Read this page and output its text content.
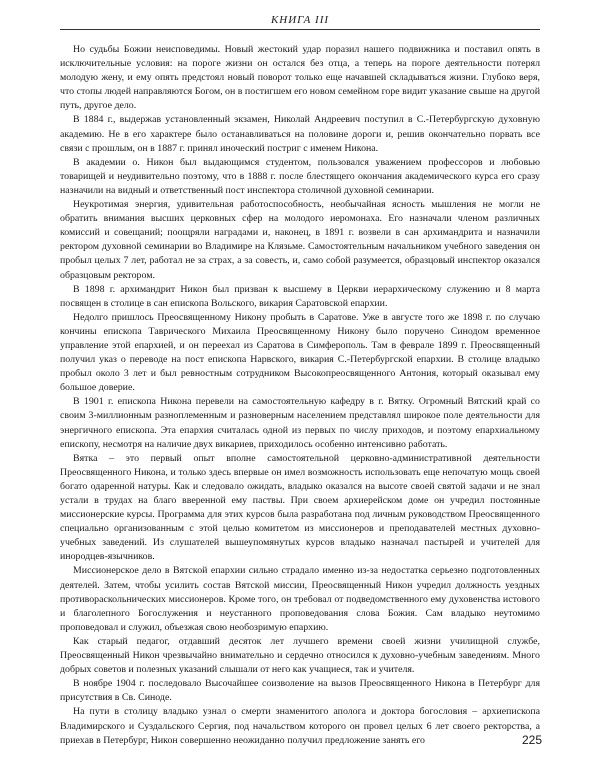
КНИГА III

Но судьбы Божии неисповедимы. Новый жестокий удар поразил нашего подвижника и поставил опять в исключительные условия: на пороге жизни он остался без отца, а теперь на пороге деятельности потерял молодую жену, и ему опять предстоял новый поворот только еще начавшей складываться жизни. Глубоко веря, что стопы людей направляются Богом, он в постигшем его новом семейном горе видит указание свыше на другой путь, другое дело.

В 1884 г., выдержав установленный экзамен, Николай Андреевич поступил в С.-Петербургскую духовную академию. Не в его характере было останавливаться на половине дороги и, решив окончательно порвать все связи с прошлым, он в 1887 г. принял иноческий постриг с именем Никона.

В академии о. Никон был выдающимся студентом, пользовался уважением профессоров и любовью товарищей и неудивительно поэтому, что в 1888 г. после блестящего окончания академического курса его сразу назначили на видный и ответственный пост инспектора столичной духовной семинарии.

Неукротимая энергия, удивительная работоспособность, необычайная ясность мышления не могли не обратить внимания высших церковных сфер на молодого иеромонаха. Его назначали членом различных комиссий и совещаний; поощряли наградами и, наконец, в 1891 г. возвели в сан архимандрита и назначили ректором духовной семинарии во Владимире на Клязьме. Самостоятельным начальником учебного заведения он пробыл целых 7 лет, работал не за страх, а за совесть, и, само собой разумеется, образцовый инспектор оказался образцовым ректором.

В 1898 г. архимандрит Никон был призван к высшему в Церкви иерархическому служению и 8 марта посвящен в столице в сан епископа Вольского, викария Саратовской епархии.

Недолго пришлось Преосвященному Никону пробыть в Саратове. Уже в августе того же 1898 г. по случаю кончины епископа Таврического Михаила Преосвященному Никону было поручено Синодом временное управление этой епархией, и он переехал из Саратова в Симферополь. Там в феврале 1899 г. Преосвященный получил указ о переводе на пост епископа Нарвского, викария С.-Петербургской епархии. В столице владыко пробыл около 3 лет и был ревностным сотрудником Высокопреосвященного Антония, который оказывал ему большое доверие.

В 1901 г. епископа Никона перевели на самостоятельную кафедру в г. Вятку. Огромный Вятский край со своим 3-миллионным разноплеменным и разноверным населением представлял широкое поле деятельности для энергичного епископа. Эта епархия считалась одной из первых по числу приходов, и поэтому епархиальному епископу, несмотря на наличие двух викариев, приходилось особенно интенсивно работать.

Вятка – это первый опыт вполне самостоятельной церковно-административной деятельности Преосвященного Никона, и только здесь впервые он имел возможность использовать еще непочатую мощь своей богато одаренной натуры. Как и следовало ожидать, владыко оказался на высоте своей святой задачи и не знал устали в трудах на благо вверенной ему паствы. При своем архиерейском доме он учредил постоянные миссионерские курсы. Программа для этих курсов была разработана под личным руководством Преосвященного специально организованным с этой целью комитетом из миссионеров и преподавателей местных духовно-учебных заведений. Из слушателей вышеупомянутых курсов владыко назначал пастырей и учителей для инородцев-язычников.

Миссионерское дело в Вятской епархии сильно страдало именно из-за недостатка серьезно подготовленных деятелей. Затем, чтобы усилить состав Вятской миссии, Преосвященный Никон учредил должность уездных противораскольнических миссионеров. Кроме того, он требовал от подведомственного ему духовенства истового и благолепного Богослужения и неустанного проповедования слова Божия. Сам владыко неутомимо проповедовал и служил, объезжая свою необозримую епархию.

Как старый педагог, отдавший десяток лет лучшего времени своей жизни училищной службе, Преосвященный Никон чрезвычайно внимательно и сердечно относился к духовно-учебным заведениям. Много добрых советов и полезных указаний слышали от него как учащиеся, так и учителя.

В ноябре 1904 г. последовало Высочайшее соизволение на вызов Преосвященного Никона в Петербург для присутствия в Св. Синоде.

На пути в столицу владыко узнал о смерти знаменитого аполога и доктора богословия – архиепископа Владимирского и Суздальского Сергия, под начальством которого он провел целых 6 лет своего ректорства, а приехав в Петербург, Никон совершенно неожиданно получил предложение занять его	225
